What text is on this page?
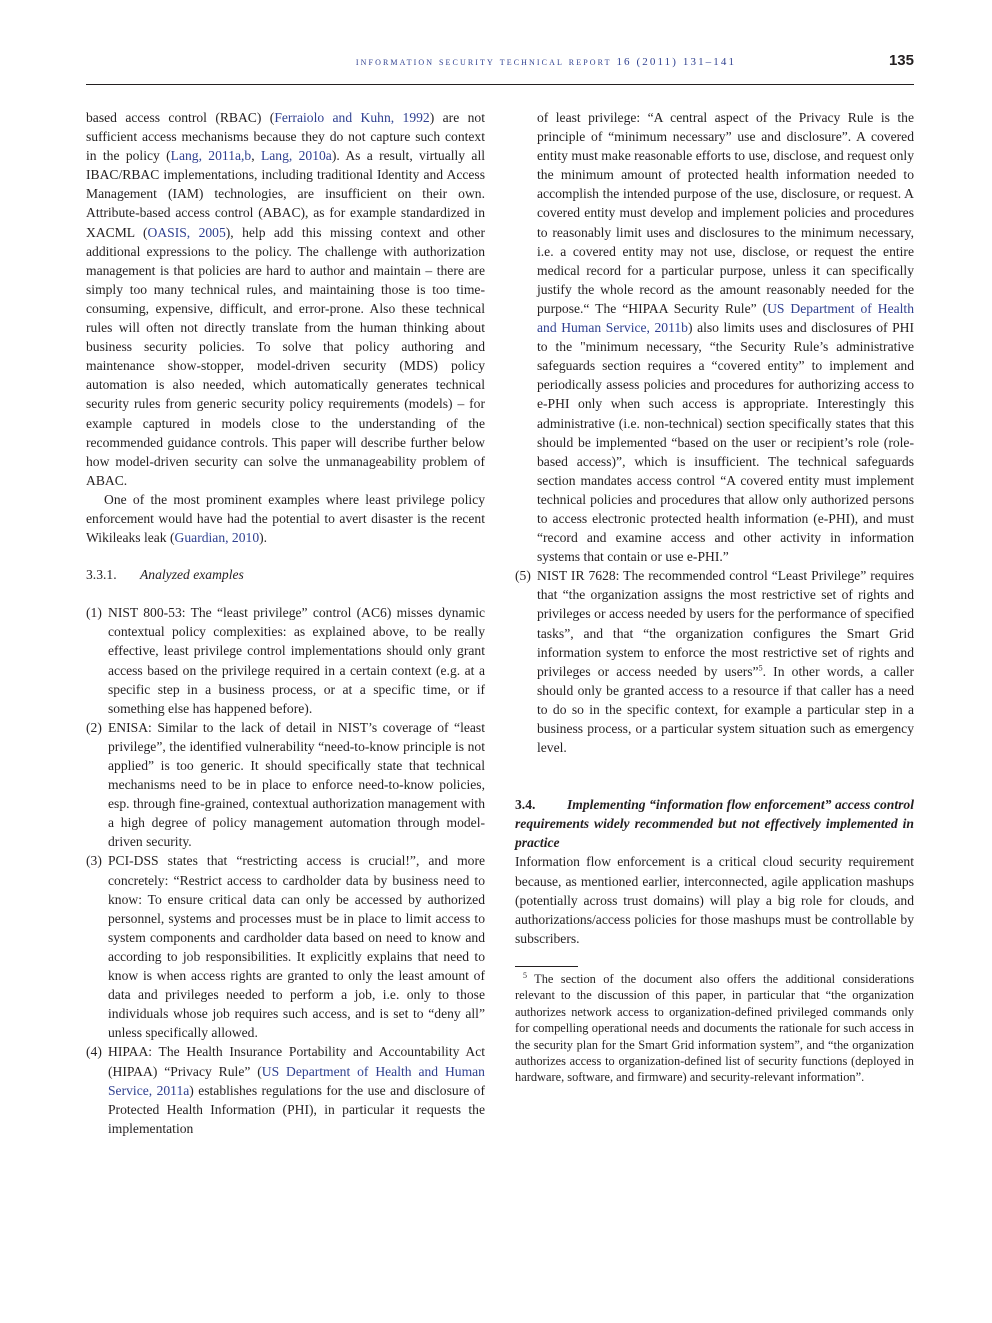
information security technical report 16 (2011) 131–141	135

based access control (RBAC) (Ferraiolo and Kuhn, 1992) are not sufficient access mechanisms because they do not capture such context in the policy (Lang, 2011a,b, Lang, 2010a). As a result, virtually all IBAC/RBAC implementations, including traditional Identity and Access Management (IAM) technologies, are insufficient on their own. Attribute-based access control (ABAC), as for example standardized in XACML (OASIS, 2005), help add this missing context and other additional expressions to the policy. The challenge with authorization management is that policies are hard to author and maintain – there are simply too many technical rules, and maintaining those is too time-consuming, expensive, difficult, and error-prone. Also these technical rules will often not directly translate from the human thinking about business security policies. To solve that policy authoring and maintenance show-stopper, model-driven security (MDS) policy automation is also needed, which automatically generates technical security rules from generic security policy requirements (models) – for example captured in models close to the understanding of the recommended guidance controls. This paper will describe further below how model-driven security can solve the unmanageability problem of ABAC.

One of the most prominent examples where least privilege policy enforcement would have had the potential to avert disaster is the recent Wikileaks leak (Guardian, 2010).

3.3.1. Analyzed examples

(1) NIST 800-53: The “least privilege” control (AC6) misses dynamic contextual policy complexities: as explained above, to be really effective, least privilege control implementations should only grant access based on the privilege required in a certain context (e.g. at a specific step in a business process, or at a specific time, or if something else has happened before).
(2) ENISA: Similar to the lack of detail in NIST’s coverage of “least privilege”, the identified vulnerability “need-to-know principle is not applied” is too generic. It should specifically state that technical mechanisms need to be in place to enforce need-to-know policies, esp. through fine-grained, contextual authorization management with a high degree of policy management automation through model-driven security.
(3) PCI-DSS states that “restricting access is crucial!”, and more concretely: “Restrict access to cardholder data by business need to know: To ensure critical data can only be accessed by authorized personnel, systems and processes must be in place to limit access to system components and cardholder data based on need to know and according to job responsibilities. It explicitly explains that need to know is when access rights are granted to only the least amount of data and privileges needed to perform a job, i.e. only to those individuals whose job requires such access, and is set to “deny all” unless specifically allowed.
(4) HIPAA: The Health Insurance Portability and Accountability Act (HIPAA) “Privacy Rule” (US Department of Health and Human Service, 2011a) establishes regulations for the use and disclosure of Protected Health Information (PHI), in particular it requests the implementation
of least privilege: “A central aspect of the Privacy Rule is the principle of “minimum necessary” use and disclosure”. A covered entity must make reasonable efforts to use, disclose, and request only the minimum amount of protected health information needed to accomplish the intended purpose of the use, disclosure, or request. A covered entity must develop and implement policies and procedures to reasonably limit uses and disclosures to the minimum necessary, i.e. a covered entity may not use, disclose, or request the entire medical record for a particular purpose, unless it can specifically justify the whole record as the amount reasonably needed for the purpose.“ The “HIPAA Security Rule” (US Department of Health and Human Service, 2011b) also limits uses and disclosures of PHI to the "minimum necessary, “the Security Rule’s administrative safeguards section requires a “covered entity” to implement and periodically assess policies and procedures for authorizing access to e-PHI only when such access is appropriate. Interestingly this administrative (i.e. non-technical) section specifically states that this should be implemented “based on the user or recipient’s role (role-based access)”, which is insufficient. The technical safeguards section mandates access control “A covered entity must implement technical policies and procedures that allow only authorized persons to access electronic protected health information (e-PHI), and must “record and examine access and other activity in information systems that contain or use e-PHI.”
(5) NIST IR 7628: The recommended control “Least Privilege” requires that “the organization assigns the most restrictive set of rights and privileges or access needed by users for the performance of specified tasks”, and that “the organization configures the Smart Grid information system to enforce the most restrictive set of rights and privileges or access needed by users”$^5$. In other words, a caller should only be granted access to a resource if that caller has a need to do so in the specific context, for example a particular step in a business process, or a particular system situation such as emergency level.

3.4. Implementing “information flow enforcement” access control requirements widely recommended but not effectively implemented in practice

Information flow enforcement is a critical cloud security requirement because, as mentioned earlier, interconnected, agile application mashups (potentially across trust domains) will play a big role for clouds, and authorizations/access policies for those mashups must be controllable by subscribers.

$^5$ The section of the document also offers the additional considerations relevant to the discussion of this paper, in particular that “the organization authorizes network access to organization-defined privileged commands only for compelling operational needs and documents the rationale for such access in the security plan for the Smart Grid information system”, and “the organization authorizes access to organization-defined list of security functions (deployed in hardware, software, and firmware) and security-relevant information”.
